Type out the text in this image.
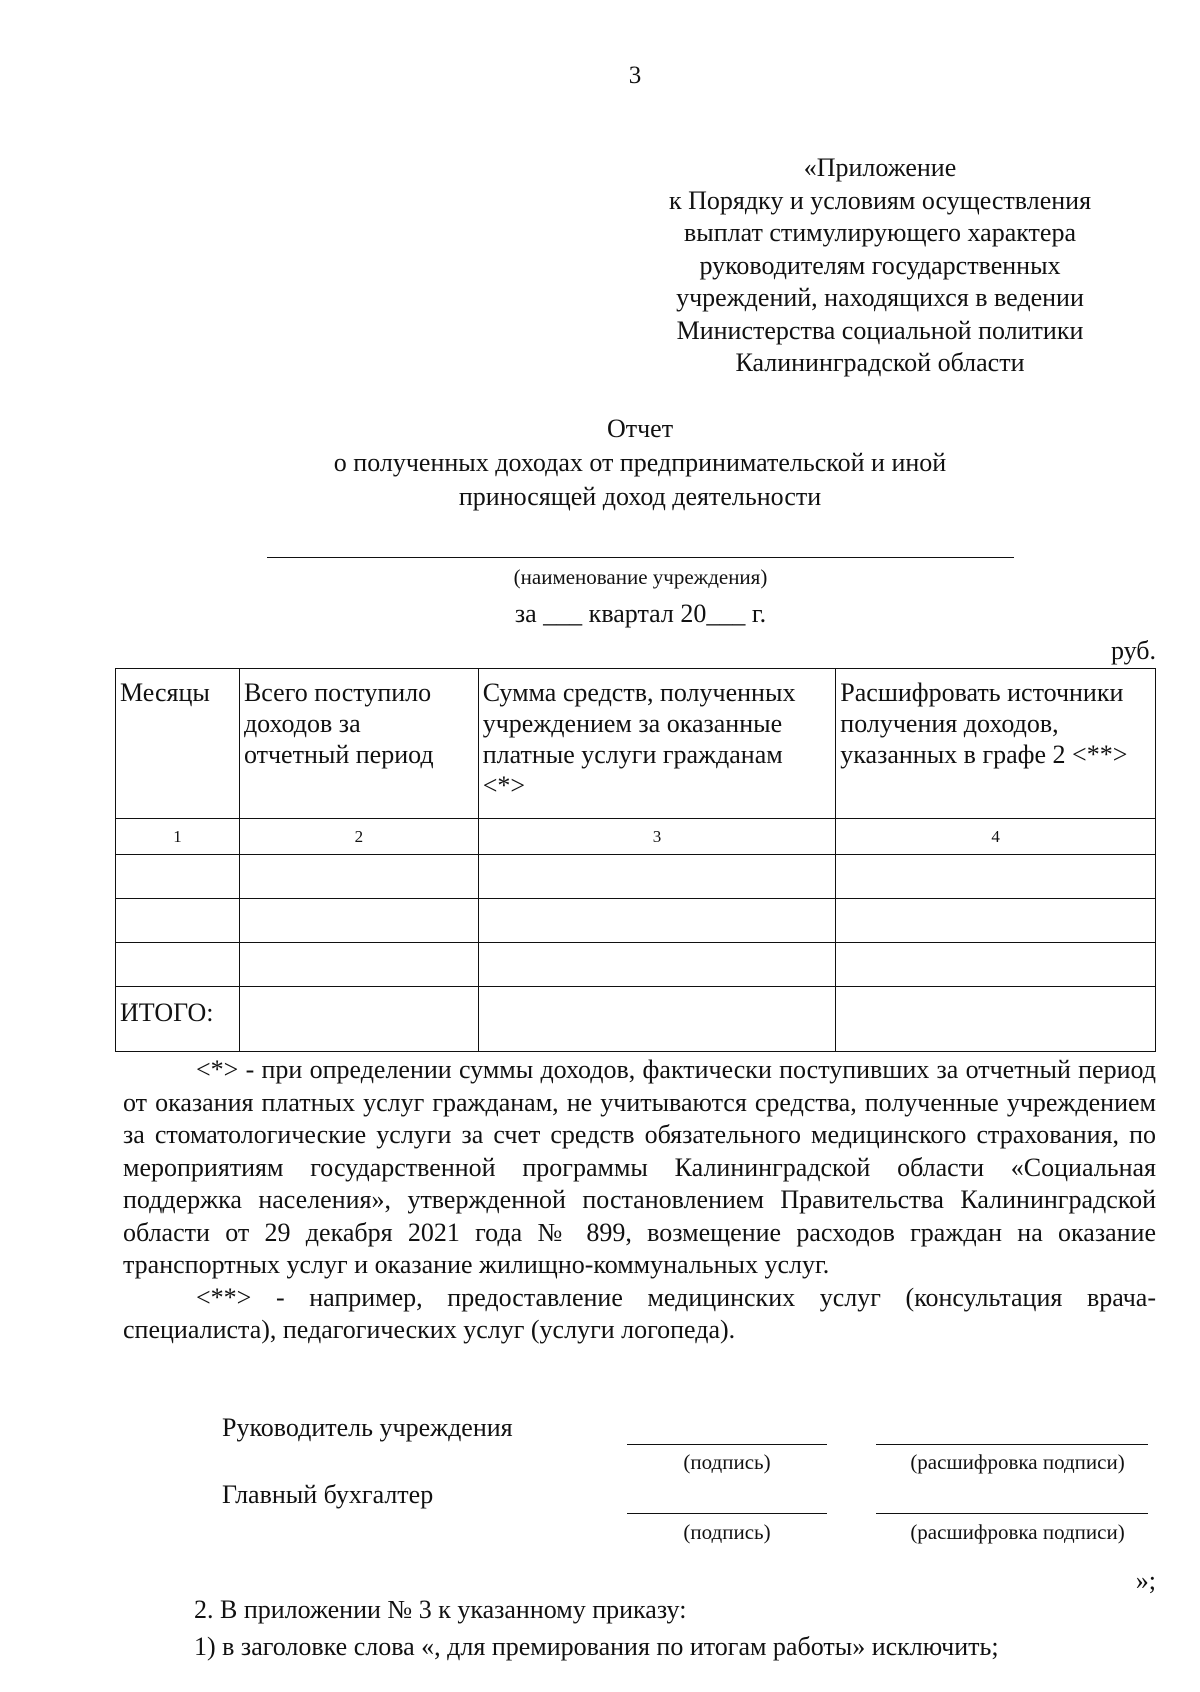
3
«Приложение
к Порядку и условиям осуществления
выплат стимулирующего характера
руководителям государственных
учреждений, находящихся в ведении
Министерства социальной политики
Калининградской области
Отчет
о полученных доходах от предпринимательской и иной
приносящей доход деятельности
(наименование учреждения)
за ___ квартал 20___ г.
руб.
Месяцы	Всего поступило доходов за отчетный период	Сумма средств, полученных учреждением за оказанные платные услуги гражданам <*>	Расшифровать источники получения доходов, указанных в графе 2 <**>
1	2	3	4

ИТОГО:			

<*> - при определении суммы доходов, фактически поступивших за отчетный период от оказания платных услуг гражданам, не учитываются средства, полученные учреждением за стоматологические услуги за счет средств обязательного медицинского страхования, по мероприятиям государственной программы Калининградской области «Социальная поддержка населения», утвержденной постановлением Правительства Калининградской области от 29 декабря 2021 года № 899, возмещение расходов граждан на оказание транспортных услуг и оказание жилищно-коммунальных услуг.

<**> - например, предоставление медицинских услуг (консультация врача-специалиста), педагогических услуг (услуги логопеда).

Руководитель учреждения
(подпись)	(расшифровка подписи)
Главный бухгалтер
(подпись)	(расшифровка подписи)
»;
2. В приложении № 3 к указанному приказу:
1) в заголовке слова «, для премирования по итогам работы» исключить;
